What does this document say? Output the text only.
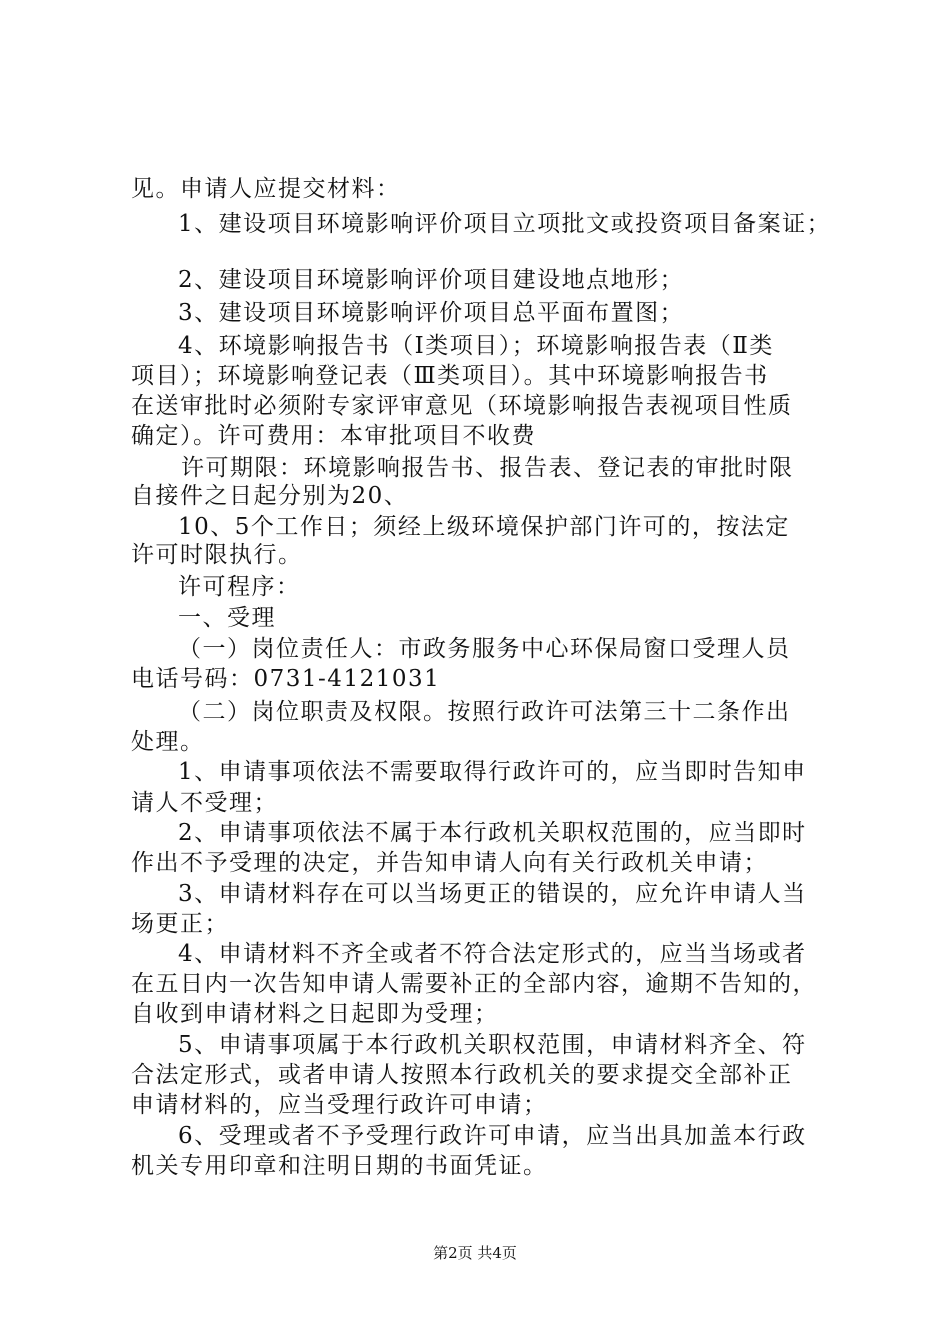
见。申请人应提交材料：
1、建设项目环境影响评价项目立项批文或投资项目备案证；
2、建设项目环境影响评价项目建设地点地形；
3、建设项目环境影响评价项目总平面布置图；
4、环境影响报告书（Ⅰ类项目）；环境影响报告表（Ⅱ类
项目）；环境影响登记表（Ⅲ类项目）。其中环境影响报告书
在送审批时必须附专家评审意见（环境影响报告表视项目性质
确定）。许可费用：本审批项目不收费
许可期限：环境影响报告书、报告表、登记表的审批时限
自接件之日起分别为20、
10、5个工作日；须经上级环境保护部门许可的，按法定
许可时限执行。
许可程序：
一、受理
（一）岗位责任人：市政务服务中心环保局窗口受理人员
电话号码：0731-4121031
（二）岗位职责及权限。按照行政许可法第三十二条作出
处理。
1、申请事项依法不需要取得行政许可的，应当即时告知申
请人不受理；
2、申请事项依法不属于本行政机关职权范围的，应当即时
作出不予受理的决定，并告知申请人向有关行政机关申请；
3、申请材料存在可以当场更正的错误的，应允许申请人当
场更正；
4、申请材料不齐全或者不符合法定形式的，应当当场或者
在五日内一次告知申请人需要补正的全部内容，逾期不告知的，
自收到申请材料之日起即为受理；
5、申请事项属于本行政机关职权范围，申请材料齐全、符
合法定形式，或者申请人按照本行政机关的要求提交全部补正
申请材料的，应当受理行政许可申请；
6、受理或者不予受理行政许可申请，应当出具加盖本行政
机关专用印章和注明日期的书面凭证。
第2页 共4页
